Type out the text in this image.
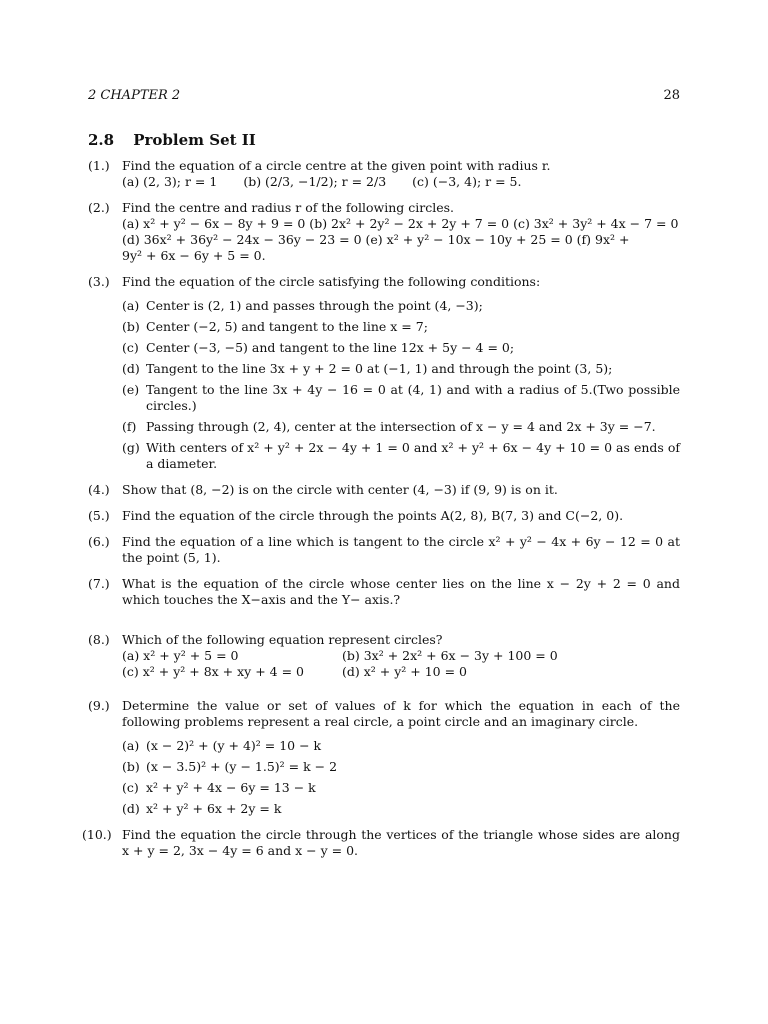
2 CHAPTER 2	28
2.8 Problem Set II
(1.) Find the equation of a circle centre at the given point with radius r.
(a) (2, 3); r = 1 (b) (2/3, −1/2); r = 2/3 (c) (−3, 4); r = 5.
(2.) Find the centre and radius r of the following circles.
(a) x² + y² − 6x − 8y + 9 = 0 (b) 2x² + 2y² − 2x + 2y + 7 = 0 (c) 3x² + 3y² + 4x − 7 = 0
(d) 36x² + 36y² − 24x − 36y − 23 = 0 (e) x² + y² − 10x − 10y + 25 = 0 (f) 9x² +
9y² + 6x − 6y + 5 = 0.
(3.) Find the equation of the circle satisfying the following conditions:
(a) Center is (2, 1) and passes through the point (4, −3);
(b) Center (−2, 5) and tangent to the line x = 7;
(c) Center (−3, −5) and tangent to the line 12x + 5y − 4 = 0;
(d) Tangent to the line 3x + y + 2 = 0 at (−1, 1) and through the point (3, 5);
(e) Tangent to the line 3x + 4y − 16 = 0 at (4, 1) and with a radius of 5.(Two possible circles.)
(f) Passing through (2, 4), center at the intersection of x − y = 4 and 2x + 3y = −7.
(g) With centers of x² + y² + 2x − 4y + 1 = 0 and x² + y² + 6x − 4y + 10 = 0 as ends of a diameter.
(4.) Show that (8, −2) is on the circle with center (4, −3) if (9, 9) is on it.
(5.) Find the equation of the circle through the points A(2, 8), B(7, 3) and C(−2, 0).
(6.) Find the equation of a line which is tangent to the circle x² + y² − 4x + 6y − 12 = 0 at the point (5, 1).
(7.) What is the equation of the circle whose center lies on the line x − 2y + 2 = 0 and which touches the X−axis and the Y− axis.?
(8.) Which of the following equation represent circles?
(a) x² + y² + 5 = 0	(b) 3x² + 2x² + 6x − 3y + 100 = 0
(c) x² + y² + 8x + xy + 4 = 0	(d) x² + y² + 10 = 0
(9.) Determine the value or set of values of k for which the equation in each of the following problems represent a real circle, a point circle and an imaginary circle.
(a) (x − 2)² + (y + 4)² = 10 − k
(b) (x − 3.5)² + (y − 1.5)² = k − 2
(c) x² + y² + 4x − 6y = 13 − k
(d) x² + y² + 6x + 2y = k
(10.) Find the equation the circle through the vertices of the triangle whose sides are along x + y = 2, 3x − 4y = 6 and x − y = 0.
